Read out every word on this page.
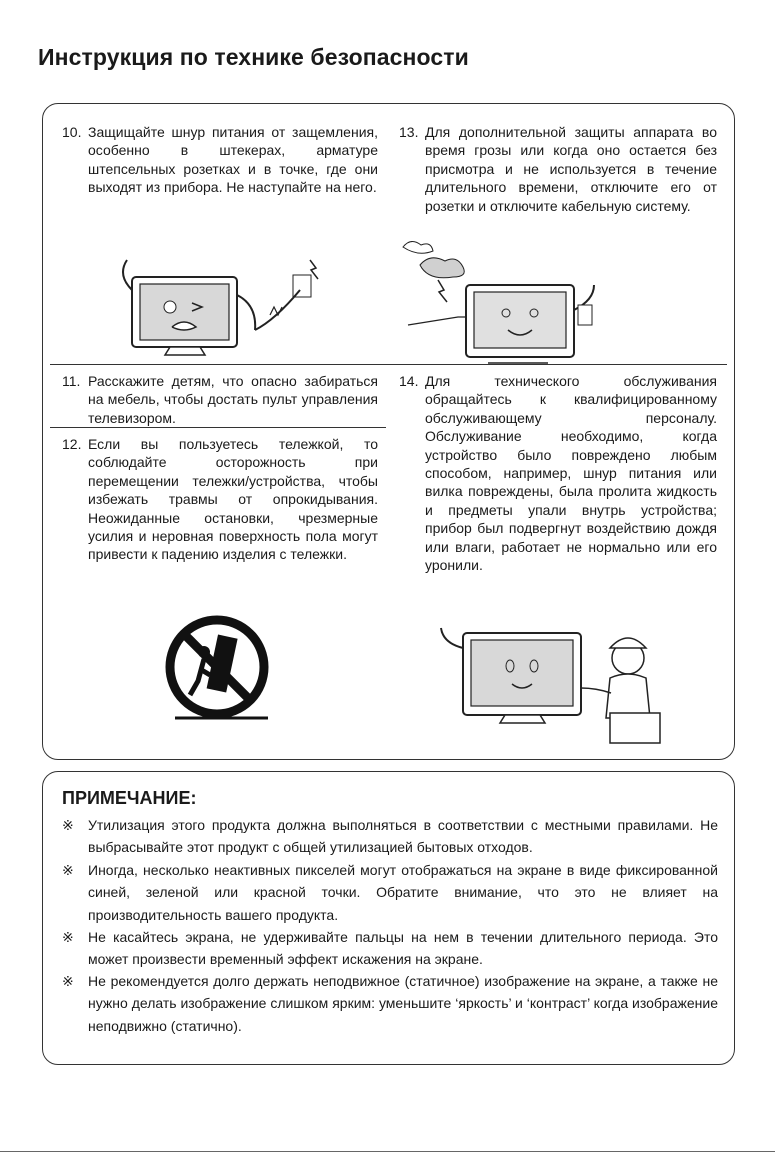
Инструкция по технике безопасности
10. Защищайте шнур питания от защемления, особенно в штекерах, арматуре штепсельных розетках и в точке, где они выходят из прибора. Не наступайте на него.
13. Для дополнительной защиты аппарата во время грозы или когда оно остается без присмотра и не используется в течение длительного времени, отключите его от розетки и отключите кабельную систему.
11. Расскажите детям, что опасно забираться на мебель, чтобы достать пульт управления телевизором.
12. Если вы пользуетесь тележкой, то соблюдайте осторожность при перемещении тележки/устройства, чтобы избежать травмы от опрокидывания. Неожиданные остановки, чрезмерные усилия и неровная поверхность пола могут привести к падению изделия с тележки.
14. Для технического обслуживания обращайтесь к квалифицированному обслуживающему персоналу. Обслуживание необходимо, когда устройство было повреждено любым способом, например, шнур питания или вилка повреждены, была пролита жидкость и предметы упали внутрь устройства; прибор был подвергнут воздействию дождя или влаги, работает не нормально или его уронили.
ПРИМЕЧАНИЕ:
※	Утилизация этого продукта должна выполняться в соответствии с местными правилами. Не выбрасывайте этот продукт с общей утилизацией бытовых отходов.
※	Иногда, несколько неактивных пикселей могут отображаться на экране в виде фиксированной синей, зеленой или красной точки. Обратите внимание, что это не влияет на производительность вашего продукта.
※	Не касайтесь экрана, не удерживайте пальцы на нем в течении длительного периода. Это может произвести временный эффект искажения на экране.
※	Не рекомендуется долго держать неподвижное (статичное) изображение на экране, а также не нужно делать изображение слишком ярким: уменьшите ‘яркость’ и ‘контраст’ когда изображение неподвижно (статично).
